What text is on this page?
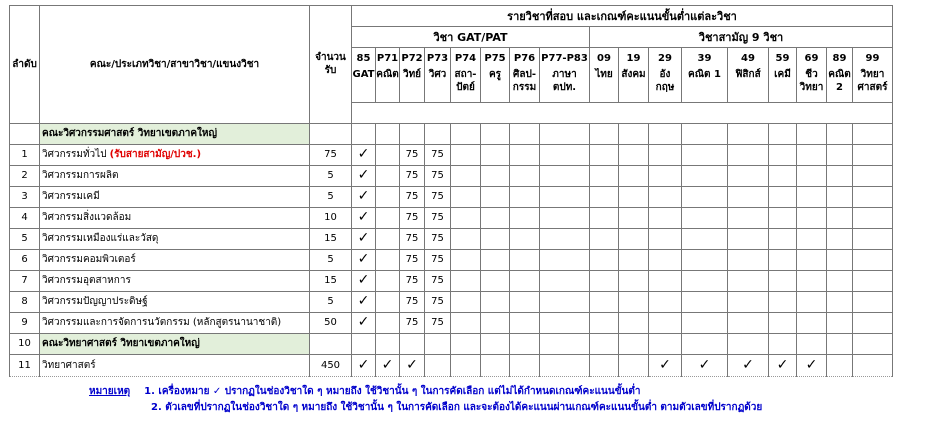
ลำดับ	คณะ/ประเภทวิชา/สาขาวิชา/แขนงวิชา	จำนวนรับ	รายวิชาที่สอบ และเกณฑ์คะแนนขั้นต่ำแต่ละวิชา																
			วิชา GAT/PAT								วิชาสามัญ 9 วิชา								
			85	P71	P72	P73	P74	P75	P76	P77-P83	09	19	29	39	49	59	69	89	99
			GAT	คณิต	วิทย์	วิศว	สถา-ปัตย์	ครู	ศิลป-กรรม	ภาษา ตปท.	ไทย	สังคม	อัง กฤษ	คณิต 1	ฟิสิกส์	เคมี	ชีว วิทยา	คณิต 2	วิทยา ศาสตร์

	คณะวิศวกรรมศาสตร์ วิทยาเขตภาคใหญ่																		
1	วิศวกรรมทั่วไป (รับสายสามัญ/ปวช.)	75	✓		75	75													
2	วิศวกรรมการผลิต	5	✓		75	75													
3	วิศวกรรมเคมี	5	✓		75	75													
4	วิศวกรรมสิ่งแวดล้อม	10	✓		75	75													
5	วิศวกรรมเหมืองแร่และวัสดุ	15	✓		75	75													
6	วิศวกรรมคอมพิวเตอร์	5	✓		75	75													
7	วิศวกรรมอุตสาหการ	15	✓		75	75													
8	วิศวกรรมปัญญาประดิษฐ์	5	✓		75	75													
9	วิศวกรรมและการจัดการนวัตกรรม (หลักสูตรนานาชาติ)	50	✓		75	75													
10	คณะวิทยาศาสตร์ วิทยาเขตภาคใหญ่																		
11	วิทยาศาสตร์	450	✓	✓	✓								✓	✓	✓	✓	✓		
หมายเหตุ 1. เครื่องหมาย ✓ ปรากฏในช่องวิชาใด ๆ หมายถึง ใช้วิชานั้น ๆ ในการคัดเลือก แต่ไม่ได้กำหนดเกณฑ์คะแนนขั้นต่ำ
2. ตัวเลขที่ปรากฏในช่องวิชาใด ๆ หมายถึง ใช้วิชานั้น ๆ ในการคัดเลือก และจะต้องได้คะแนนผ่านเกณฑ์คะแนนขั้นต่ำ ตามตัวเลขที่ปรากฏด้วย
